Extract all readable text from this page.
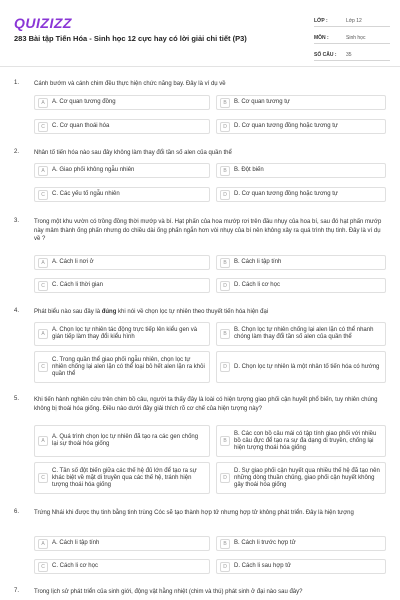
QUIZIZZ
283 Bài tập Tiến Hóa - Sinh học 12 cực hay có lời giải chi tiết (P3)
LỚP :	Lớp 12
MÔN :	Sinh học
SỐ CÂU :	35
1. Cánh bướm và cánh chim đều thực hiện chức năng bay. Đây là ví dụ về
A	A. Cơ quan tương đồng	B	B. Cơ quan tương tự
C	C. Cơ quan thoái hóa	D	D. Cơ quan tương đồng hoặc tương tự
2. Nhân tố tiến hóa nào sau đây không làm thay đổi tần số alen của quần thể
A	A. Giao phối không ngẫu nhiên	B	B. Đột biến
C	C. Các yếu tố ngẫu nhiên	D	D. Cơ quan tương đồng hoặc tương tự
3. Trong một khu vườn có trồng đồng thời mướp và bí. Hạt phấn của hoa mướp rơi trên đầu nhụy của hoa bí, sau đó hạt phấn mướp này mảm thành ống phấn nhưng do chiều dài ống phấn ngắn hơn vòi nhụy của bí nên không xảy ra quá trình thụ tinh. Đây là ví dụ về ?
A	A. Cách li nơi ở	B	B. Cách li tập tính
C	C. Cách li thời gian	D	D. Cách li cơ học
4. Phát biểu nào sau đây là đúng khi nói về chọn lọc tự nhiên theo thuyết tiến hóa hiện đại
A
A. Chọn lọc tự nhiên tác động trực tiếp lên kiểu gen và gián tiếp làm thay đổi kiểu hình	B
B. Chọn lọc tự nhiên chống lại alen lặn có thể nhanh chóng làm thay đổi tần số alen của quần thể
C
C. Trong quần thể giao phối ngẫu nhiên, chọn lọc tự nhiên chống lại alen lặn có thể loại bỏ hết alen lặn ra khỏi quần thể
D	D. Chọn lọc tự nhiên là một nhân tố tiến hóa có hướng
5. Khi tiến hành nghiên cứu trên chim bồ câu, người ta thấy đây là loài có hiện tượng giao phối cận huyết phổ biến, tuy nhiên chúng không bị thoái hóa giống. Điều nào dưới đây giải thích rõ cơ chế của hiện tượng này?
A
A. Quá trình chọn lọc tự nhiên đã tạo ra các gen chống lại sự thoái hóa giống	B
B. Các con bồ câu mái có tập tính giao phối với nhiều bồ câu đực để tạo ra sự đa dạng di truyền, chống lại hiện tượng thoái hóa giống
C
C. Tần số đột biến giữa các thế hệ đủ lớn để tạo ra sự khác biệt về mặt di truyền qua các thế hệ, tránh hiện tượng thoái hóa giống
D
D. Sự giao phối cận huyết qua nhiều thế hệ đã tạo nên những dòng thuần chủng, giao phối cận huyết không gây thoái hóa giống
6. Trứng Nhái khi được thụ tinh bằng tinh trùng Cóc sẽ tạo thành hợp tử nhưng hợp tử không phát triển. Đây là hiện tượng
A	A. Cách li tập tính	B	B. Cách li trước hợp tử
C	C. Cách li cơ học	D	D. Cách li sau hợp tử
7. Trong lịch sử phát triển của sinh giới, động vật hằng nhiệt (chim và thú) phát sinh ở đại nào sau đây?
